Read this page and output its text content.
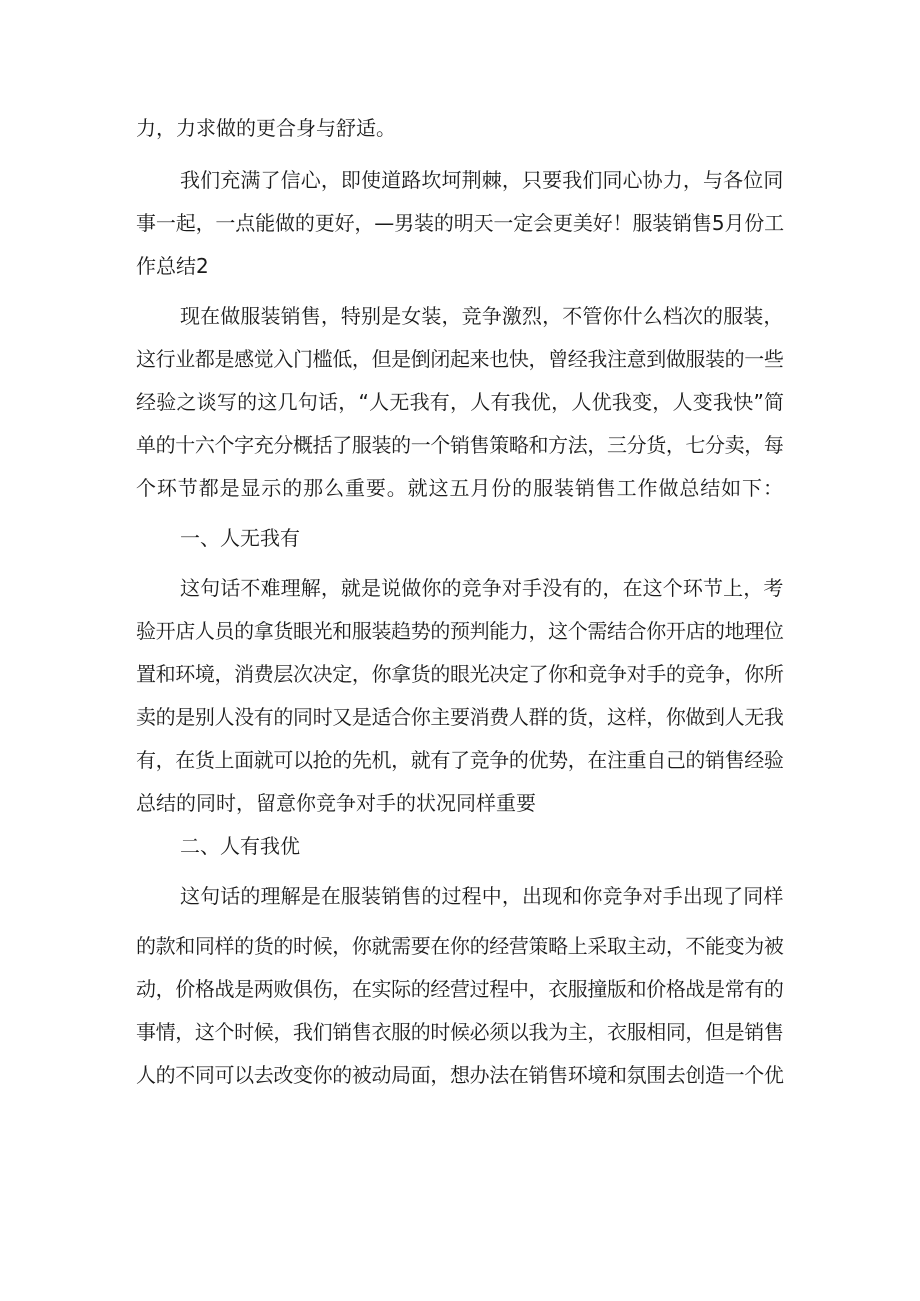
力，力求做的更合身与舒适。
我们充满了信心，即使道路坎坷荆棘，只要我们同心协力，与各位同
事一起，一点能做的更好，—男装的明天一定会更美好！服装销售5月份工
作总结2
现在做服装销售，特别是女装，竞争激烈，不管你什么档次的服装，
这行业都是感觉入门槛低，但是倒闭起来也快，曾经我注意到做服装的一些
经验之谈写的这几句话，“人无我有，人有我优，人优我变，人变我快”简
单的十六个字充分概括了服装的一个销售策略和方法，三分货，七分卖，每
个环节都是显示的那么重要。就这五月份的服装销售工作做总结如下：
一、人无我有
这句话不难理解，就是说做你的竞争对手没有的，在这个环节上，考
验开店人员的拿货眼光和服装趋势的预判能力，这个需结合你开店的地理位
置和环境，消费层次决定，你拿货的眼光决定了你和竞争对手的竞争，你所
卖的是别人没有的同时又是适合你主要消费人群的货，这样，你做到人无我
有，在货上面就可以抢的先机，就有了竞争的优势，在注重自己的销售经验
总结的同时，留意你竞争对手的状况同样重要
二、人有我优
这句话的理解是在服装销售的过程中，出现和你竞争对手出现了同样
的款和同样的货的时候，你就需要在你的经营策略上采取主动，不能变为被
动，价格战是两败俱伤，在实际的经营过程中，衣服撞版和价格战是常有的
事情，这个时候，我们销售衣服的时候必须以我为主，衣服相同，但是销售
人的不同可以去改变你的被动局面，想办法在销售环境和氛围去创造一个优
